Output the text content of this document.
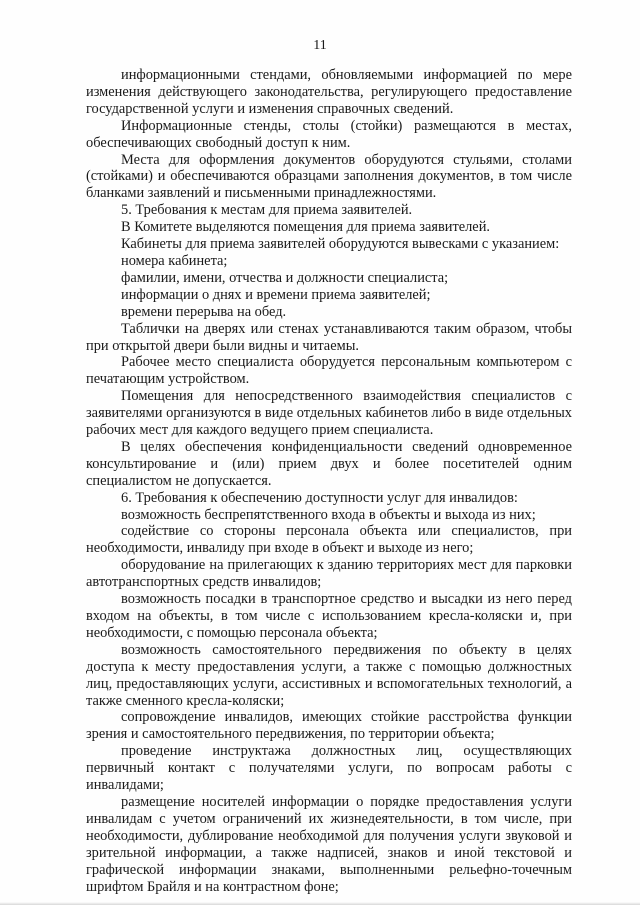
11

информационными стендами, обновляемыми информацией по мере изменения действующего законодательства, регулирующего предоставление государственной услуги и изменения справочных сведений.

Информационные стенды, столы (стойки) размещаются в местах, обеспечивающих свободный доступ к ним.

Места для оформления документов оборудуются стульями, столами (стойками) и обеспечиваются образцами заполнения документов, в том числе бланками заявлений и письменными принадлежностями.

5. Требования к местам для приема заявителей.

В Комитете выделяются помещения для приема заявителей.

Кабинеты для приема заявителей оборудуются вывесками с указанием:

номера кабинета;

фамилии, имени, отчества и должности специалиста;

информации о днях и времени приема заявителей;

времени перерыва на обед.

Таблички на дверях или стенах устанавливаются таким образом, чтобы при открытой двери были видны и читаемы.

Рабочее место специалиста оборудуется персональным компьютером с печатающим устройством.

Помещения для непосредственного взаимодействия специалистов с заявителями организуются в виде отдельных кабинетов либо в виде отдельных рабочих мест для каждого ведущего прием специалиста.

В целях обеспечения конфиденциальности сведений одновременное консультирование и (или) прием двух и более посетителей одним специалистом не допускается.

6. Требования к обеспечению доступности услуг для инвалидов:

возможность беспрепятственного входа в объекты и выхода из них;

содействие со стороны персонала объекта или специалистов, при необходимости, инвалиду при входе в объект и выходе из него;

оборудование на прилегающих к зданию территориях мест для парковки автотранспортных средств инвалидов;

возможность посадки в транспортное средство и высадки из него перед входом на объекты, в том числе с использованием кресла-коляски и, при необходимости, с помощью персонала объекта;

возможность самостоятельного передвижения по объекту в целях доступа к месту предоставления услуги, а также с помощью должностных лиц, предоставляющих услуги, ассистивных и вспомогательных технологий, а также сменного кресла-коляски;

сопровождение инвалидов, имеющих стойкие расстройства функции зрения и самостоятельного передвижения, по территории объекта;

проведение инструктажа должностных лиц, осуществляющих первичный контакт с получателями услуги, по вопросам работы с инвалидами;

размещение носителей информации о порядке предоставления услуги инвалидам с учетом ограничений их жизнедеятельности, в том числе, при необходимости, дублирование необходимой для получения услуги звуковой и зрительной информации, а также надписей, знаков и иной текстовой и графической информации знаками, выполненными рельефно-точечным шрифтом Брайля и на контрастном фоне;
